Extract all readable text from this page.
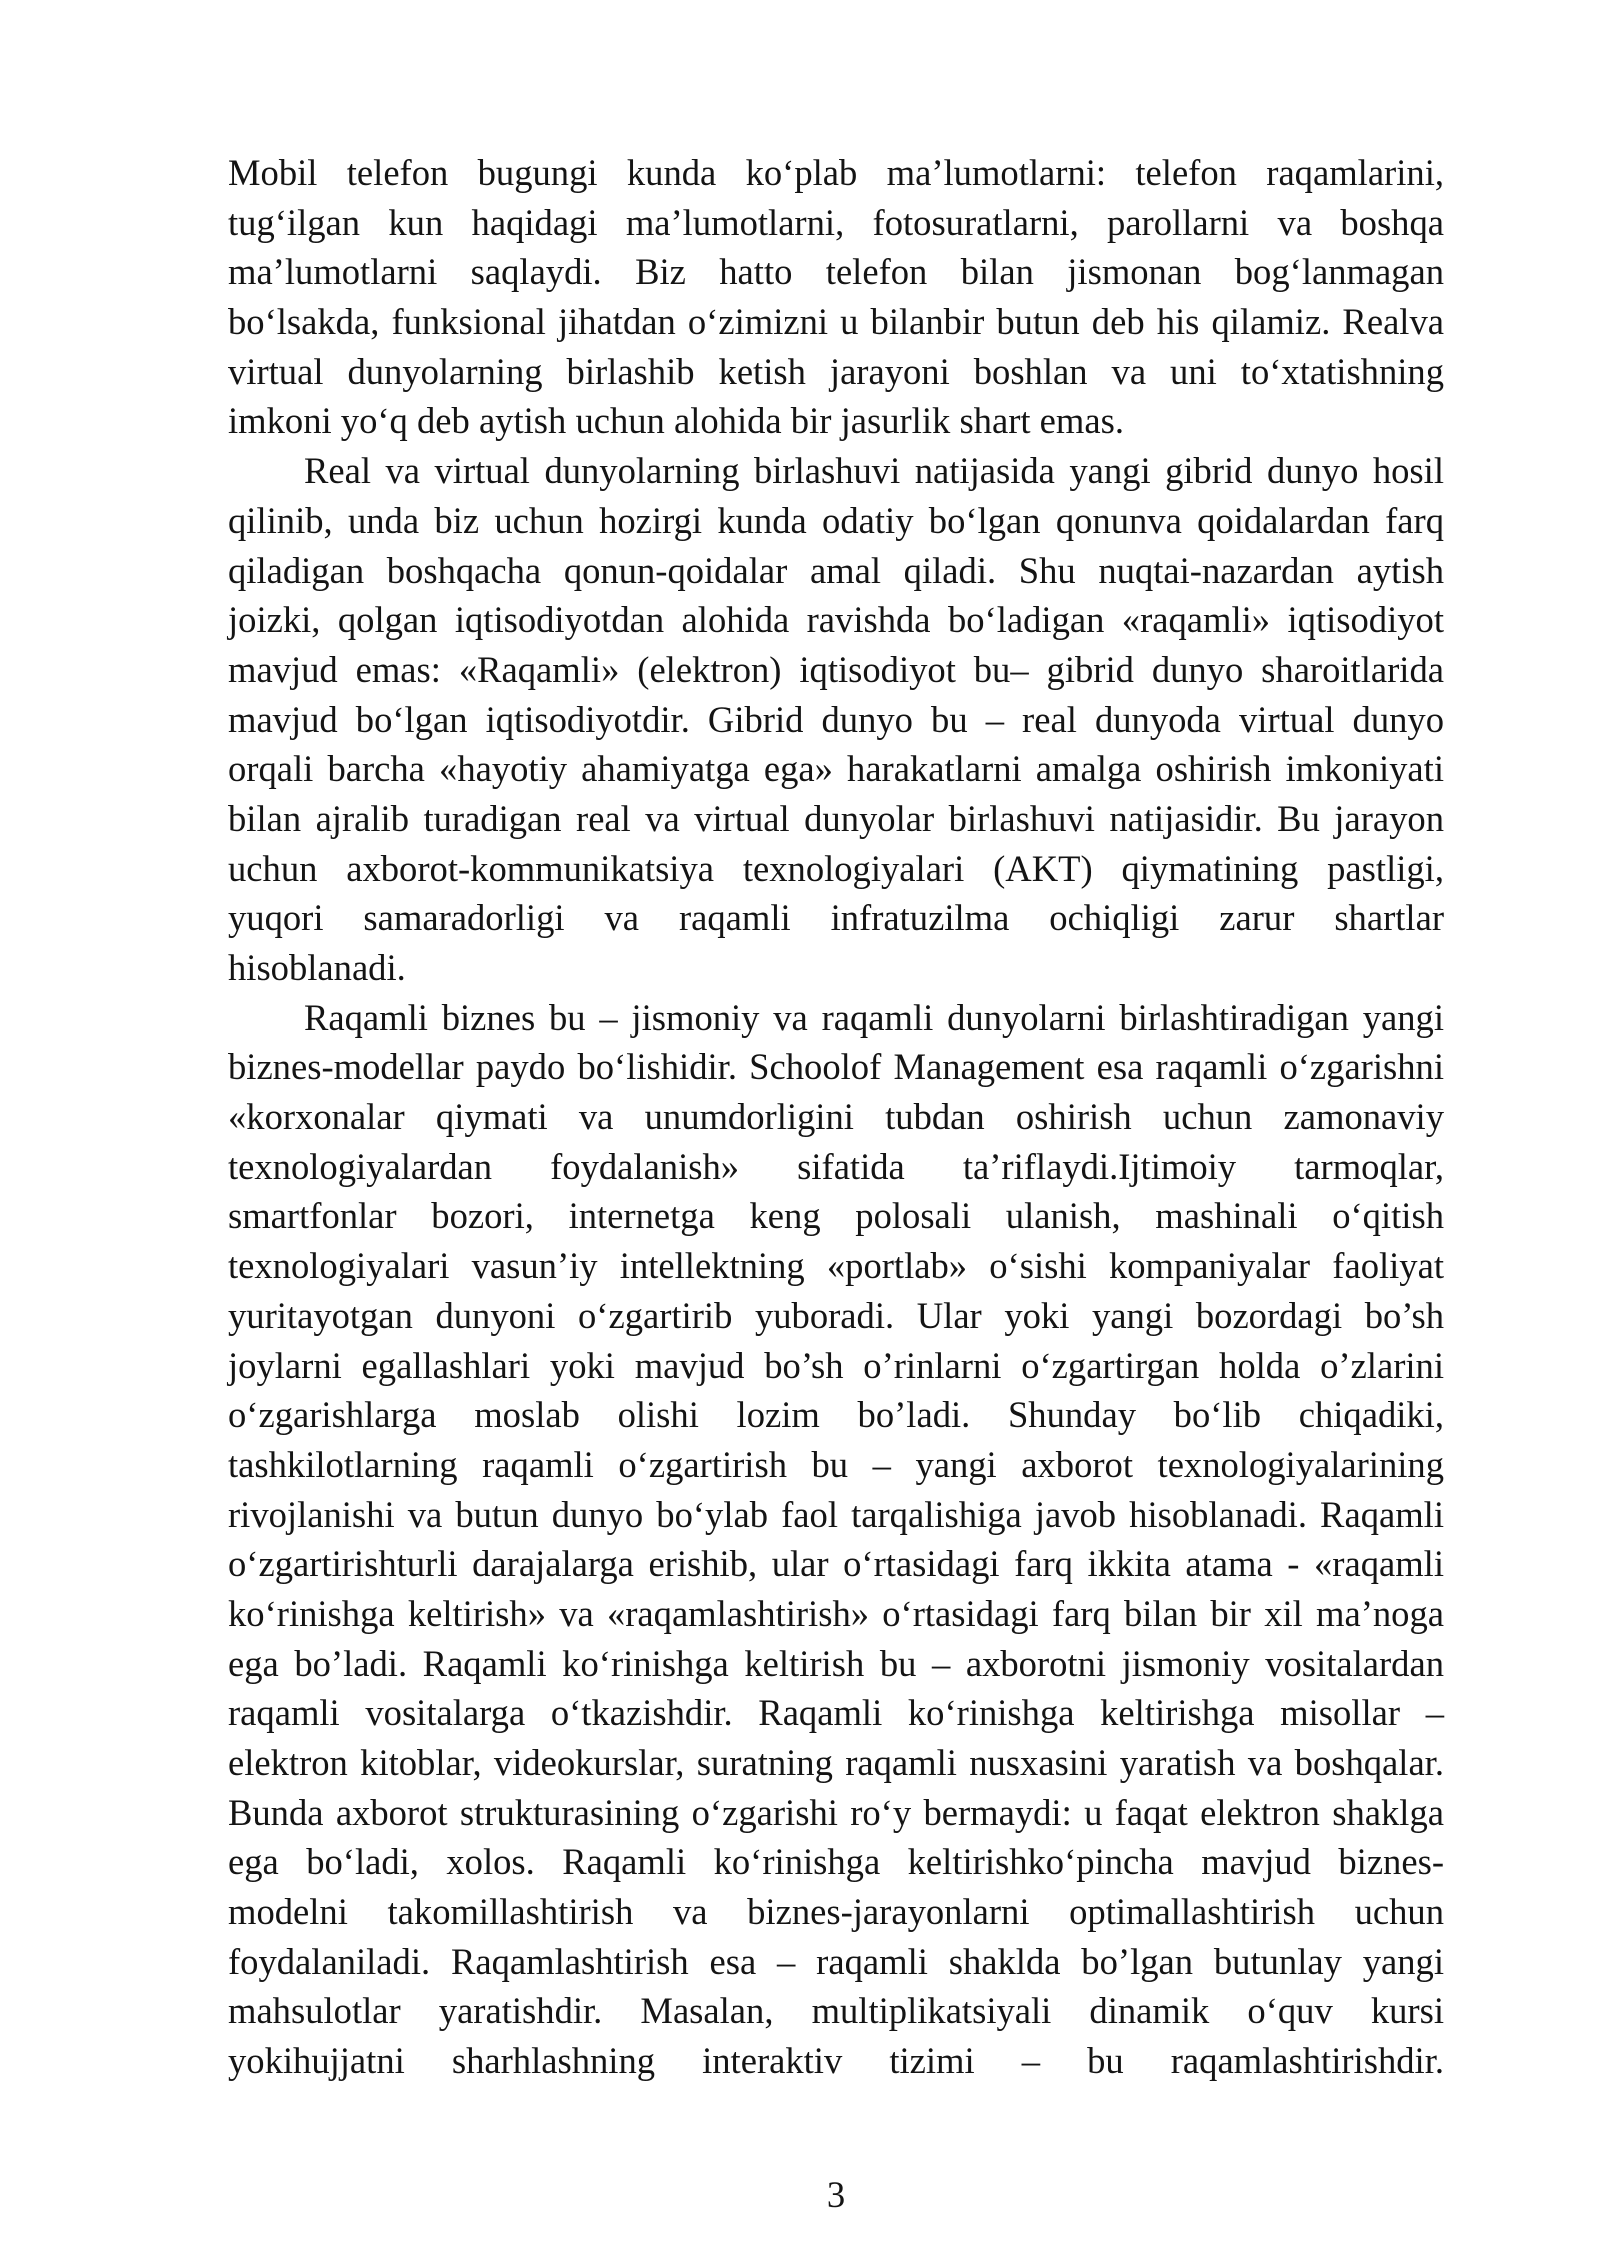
Mobil telefon bugungi kunda ko‘plab ma’lumotlarni: telefon raqamlarini,
tug‘ilgan kun haqidagi ma’lumotlarni, fotosuratlarni, parollarni va boshqa
ma’lumotlarni saqlaydi. Biz hatto telefon bilan jismonan bog‘lanmagan
bo‘lsakda, funksional jihatdan o‘zimizni u bilanbir butun deb his qilamiz. Realva
virtual dunyolarning birlashib ketish jarayoni boshlan va uni to‘xtatishning
imkoni yo‘q deb aytish uchun alohida bir jasurlik shart emas.
Real va virtual dunyolarning birlashuvi natijasida yangi gibrid dunyo hosil
qilinib, unda biz uchun hozirgi kunda odatiy bo‘lgan qonunva qoidalardan farq
qiladigan boshqacha qonun-qoidalar amal qiladi. Shu nuqtai-nazardan aytish
joizki, qolgan iqtisodiyotdan alohida ravishda bo‘ladigan «raqamli» iqtisodiyot
mavjud emas: «Raqamli» (elektron) iqtisodiyot bu– gibrid dunyo sharoitlarida
mavjud bo‘lgan iqtisodiyotdir. Gibrid dunyo bu – real dunyoda virtual dunyo
orqali barcha «hayotiy ahamiyatga ega» harakatlarni amalga oshirish imkoniyati
bilan ajralib turadigan real va virtual dunyolar birlashuvi natijasidir. Bu jarayon
uchun axborot-kommunikatsiya texnologiyalari (AKT) qiymatining pastligi,
yuqori samaradorligi va raqamli infratuzilma ochiqligi zarur shartlar
hisoblanadi.
Raqamli biznes bu – jismoniy va raqamli dunyolarni birlashtiradigan yangi
biznes-modellar paydo bo‘lishidir. Schoolof Management esa raqamli o‘zgarishni
«korxonalar qiymati va unumdorligini tubdan oshirish uchun zamonaviy
texnologiyalardan foydalanish» sifatida ta’riflaydi.Ijtimoiy tarmoqlar,
smartfonlar bozori, internetga keng polosali ulanish, mashinali o‘qitish
texnologiyalari vasun’iy intellektning «portlab» o‘sishi kompaniyalar faoliyat
yuritayotgan dunyoni o‘zgartirib yuboradi. Ular yoki yangi bozordagi bo’sh
joylarni egallashlari yoki mavjud bo’sh o’rinlarni o‘zgartirgan holda o’zlarini
o‘zgarishlarga moslab olishi lozim bo’ladi. Shunday bo‘lib chiqadiki,
tashkilotlarning raqamli o‘zgartirish bu – yangi axborot texnologiyalarining
rivojlanishi va butun dunyo bo‘ylab faol tarqalishiga javob hisoblanadi. Raqamli
o‘zgartirishturli darajalarga erishib, ular o‘rtasidagi farq ikkita atama - «raqamli
ko‘rinishga keltirish» va «raqamlashtirish» o‘rtasidagi farq bilan bir xil ma’noga
ega bo’ladi. Raqamli ko‘rinishga keltirish bu – axborotni jismoniy vositalardan
raqamli vositalarga o‘tkazishdir. Raqamli ko‘rinishga keltirishga misollar –
elektron kitoblar, videokurslar, suratning raqamli nusxasini yaratish va boshqalar.
Bunda axborot strukturasining o‘zgarishi ro‘y bermaydi: u faqat elektron shaklga
ega bo‘ladi, xolos. Raqamli ko‘rinishga keltirishko‘pincha mavjud biznes-
modelni takomillashtirish va biznes-jarayonlarni optimallashtirish uchun
foydalaniladi. Raqamlashtirish esa – raqamli shaklda bo’lgan butunlay yangi
mahsulotlar yaratishdir. Masalan, multiplikatsiyali dinamik o‘quv kursi
yokihujjatni sharhlashning interaktiv tizimi – bu raqamlashtirishdir.
3
